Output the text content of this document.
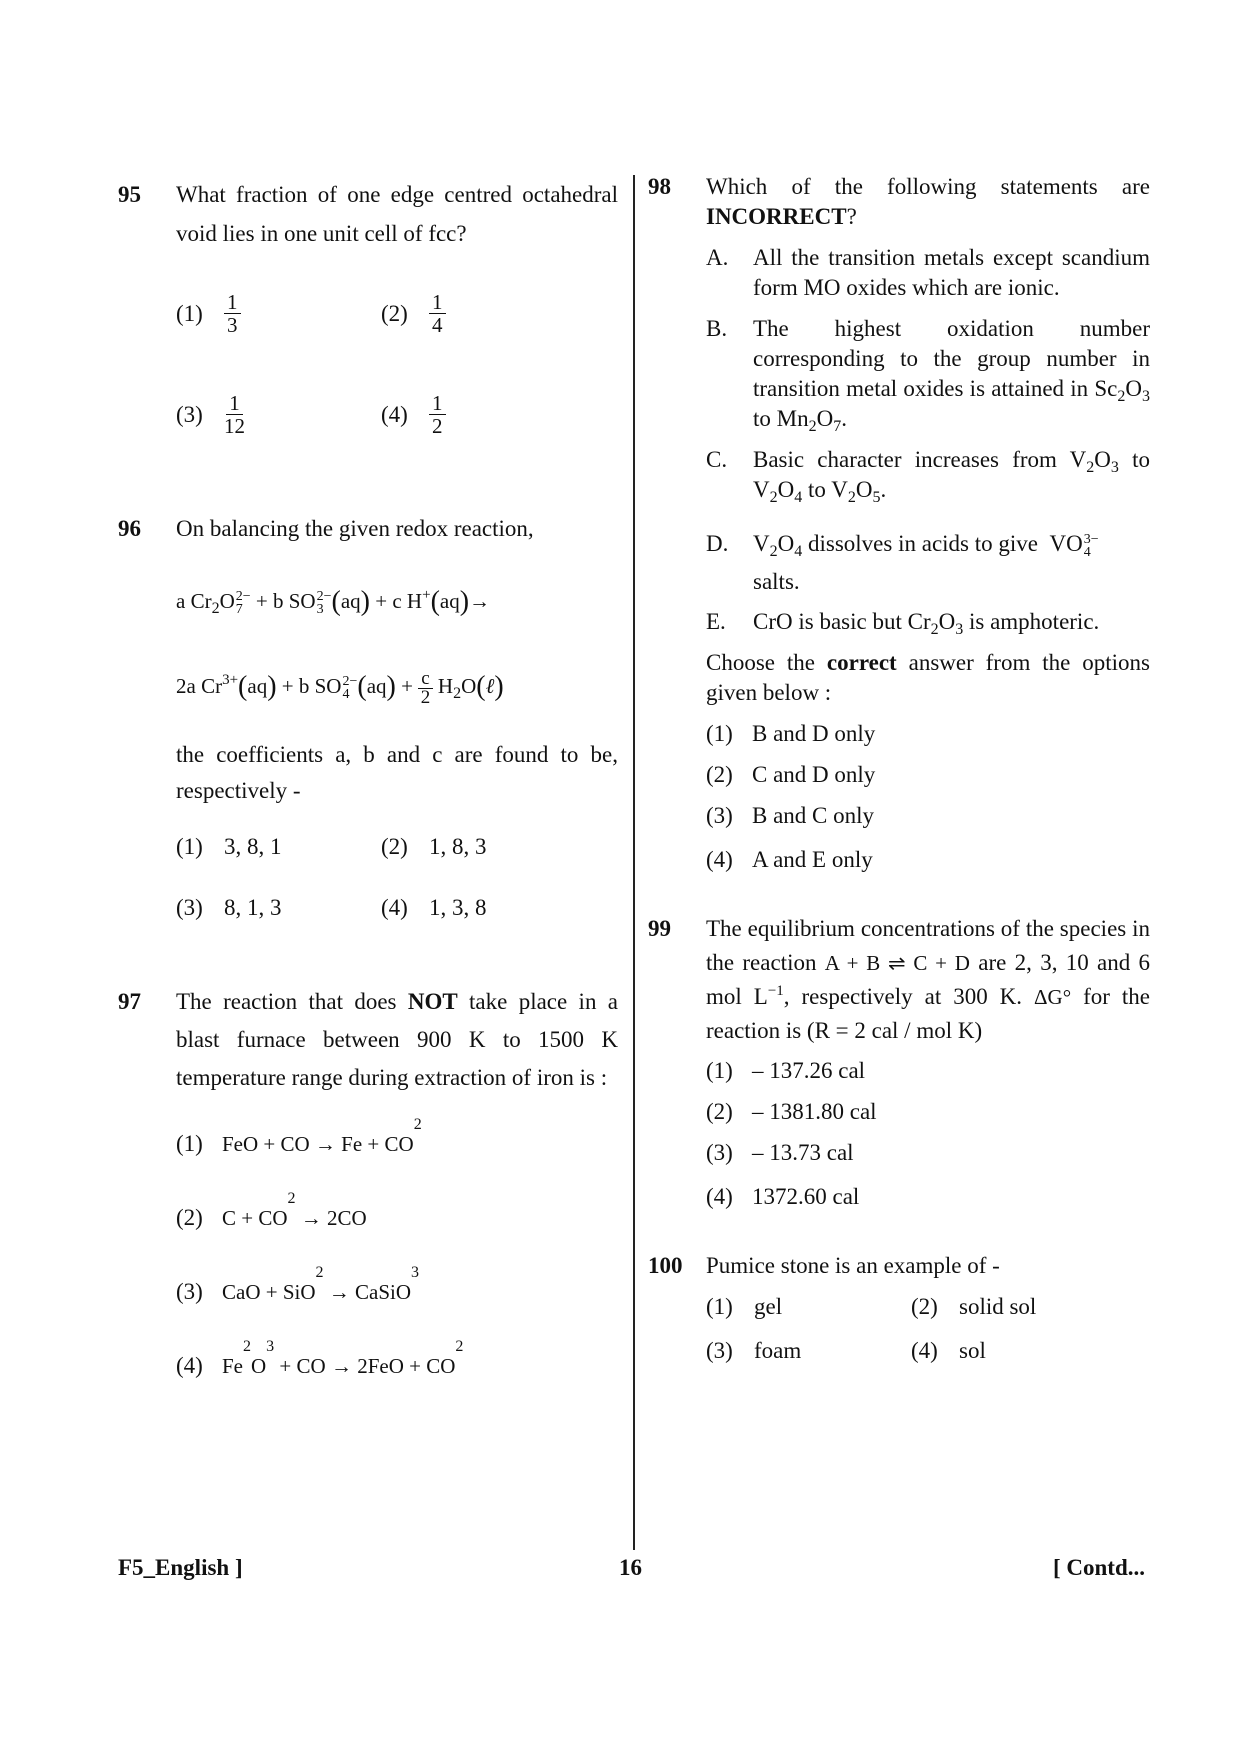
95 What fraction of one edge centred octahedral void lies in one unit cell of fcc?
(1)	$\frac{1}{3}$	(2)	$\frac{1}{4}$
(3)	$\frac{1}{12}$	(4)	$\frac{1}{2}$
96 On balancing the given redox reaction,
a $Cr_2O$ 2−
7 + b SO 2−
3 (aq) + c H+(aq)→
2a $Cr^{3+}(aq) + b$ SO 2−
4 $(aq) + \frac{c}{2}$ $H_2O(\ell)$
the coefficients a, b and c are found to be, respectively -
(1) 3, 8, 1	(2) 1, 8, 3
(3) 8, 1, 3	(4) 1, 3, 8
97 The reaction that does NOT take place in a blast furnace between 900 K to 1500 K temperature range during extraction of iron is :
(1) FeO + CO → Fe + CO
2
(2) C + CO
2
→ 2CO
(3) CaO + SiO
2
→ CaSiO
3
(4) Fe
2
O
3
+ CO → 2FeO + CO
2
98 Which of the following statements are INCORRECT?
A. All the transition metals except scandium form MO oxides which are ionic.
B. The highest oxidation number corresponding to the group number in transition metal oxides is attained in $Sc_2O_3$ to $Mn_2O_7$.
C. Basic character increases from $V_2O_3$ to $V_2O_4$ to $V_2O_5$.
D. $V_2O_4$ dissolves in acids to give  VO 3−
4

salts.
E. CrO is basic but $Cr_2O_3$ is amphoteric.
Choose the correct answer from the options given below :
(1) B and D only
(2) C and D only
(3) B and C only
(4) A and E only
99 The equilibrium concentrations of the species in the reaction A + B ⇌ C + D are 2, 3, 10 and 6 mol $L^{-1}$, respectively at 300 K. ΔG° for the reaction is (R = 2 cal / mol K)
(1) – 137.26 cal
(2) – 1381.80 cal
(3) – 13.73 cal
(4) 1372.60 cal
100 Pumice stone is an example of -
(1) gel	(2) solid sol
(3) foam	(4) sol
F5_English ]	16	[ Contd...
